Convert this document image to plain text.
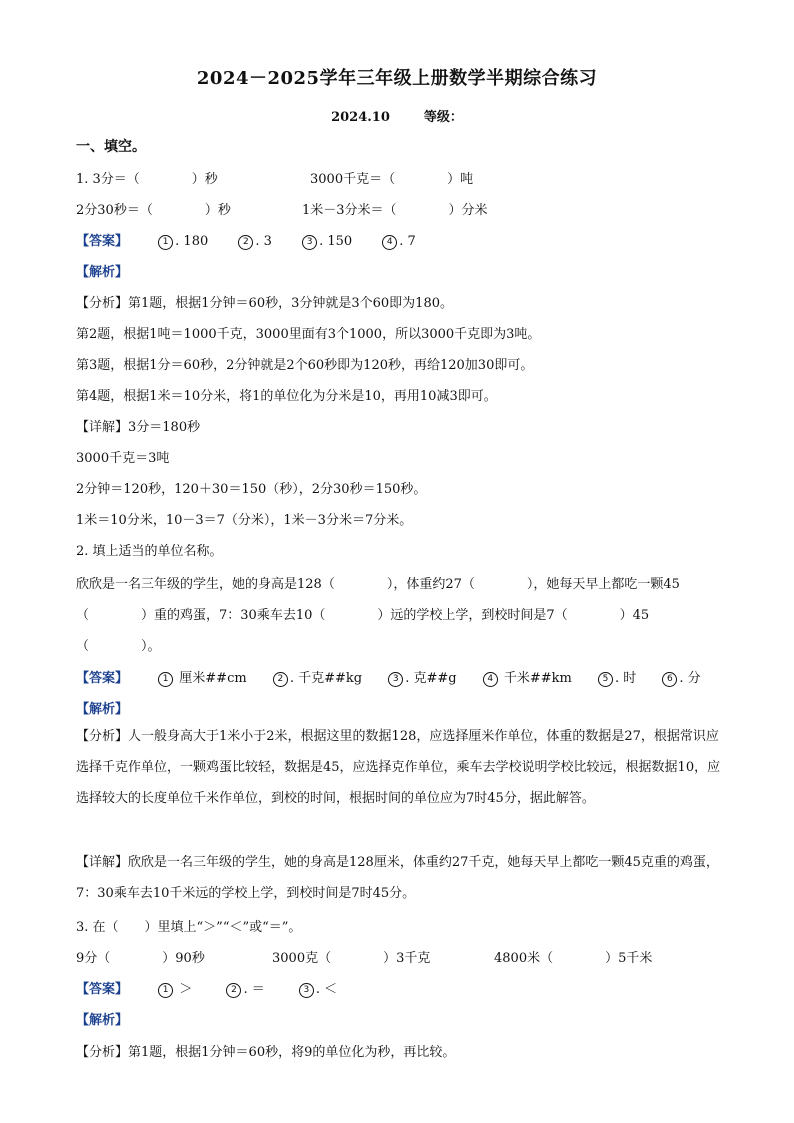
2024－2025学年三年级上册数学半期综合练习
2024.10	等级：
一、填空。
1. 3分＝（　　　　）秒	3000千克＝（　　　　）吨
2分30秒＝（　　　　）秒	1米－3分米＝（　　　　）分米
【答案】	1 . 180	2 . 3	3 . 150	4 . 7
【解析】
【分析】第1题，根据1分钟＝60秒，3分钟就是3个60即为180。
第2题，根据1吨＝1000千克，3000里面有3个1000，所以3000千克即为3吨。
第3题，根据1分＝60秒，2分钟就是2个60秒即为120秒，再给120加30即可。
第4题，根据1米＝10分米，将1的单位化为分米是10，再用10减3即可。
【详解】3分＝180秒
3000千克＝3吨
2分钟＝120秒，120＋30＝150（秒），2分30秒＝150秒。
1米＝10分米，10－3＝7（分米），1米－3分米＝7分米。
2. 填上适当的单位名称。
欣欣是一名三年级的学生，她的身高是128（　　　　），体重约27（　　　　），她每天早上都吃一颗45
（　　　　）重的鸡蛋，7：30乘车去10（　　　　）远的学校上学，到校时间是7（　　　　）45
（　　　　）。
【答案】	1 厘米##cm	2 . 千克##kg	3 . 克##g	4 千米##km	5 . 时	6 . 分
【解析】
【分析】人一般身高大于1米小于2米，根据这里的数据128，应选择厘米作单位，体重的数据是27，根据常识应选择千克作单位，一颗鸡蛋比较轻，数据是45，应选择克作单位，乘车去学校说明学校比较远，根据数据10，应选择较大的长度单位千米作单位，到校的时间，根据时间的单位应为7时45分，据此解答。
【详解】欣欣是一名三年级的学生，她的身高是128厘米，体重约27千克，她每天早上都吃一颗45克重的鸡蛋，7：30乘车去10千米远的学校上学，到校时间是7时45分。
3. 在（　　）里填上“＞”“＜”或“＝”。
9分（　　　　）90秒	3000克（　　　　）3千克	4800米（　　　　）5千米
【答案】	1 ＞	2 . ＝	3 . ＜
【解析】
【分析】第1题，根据1分钟＝60秒，将9的单位化为秒，再比较。
